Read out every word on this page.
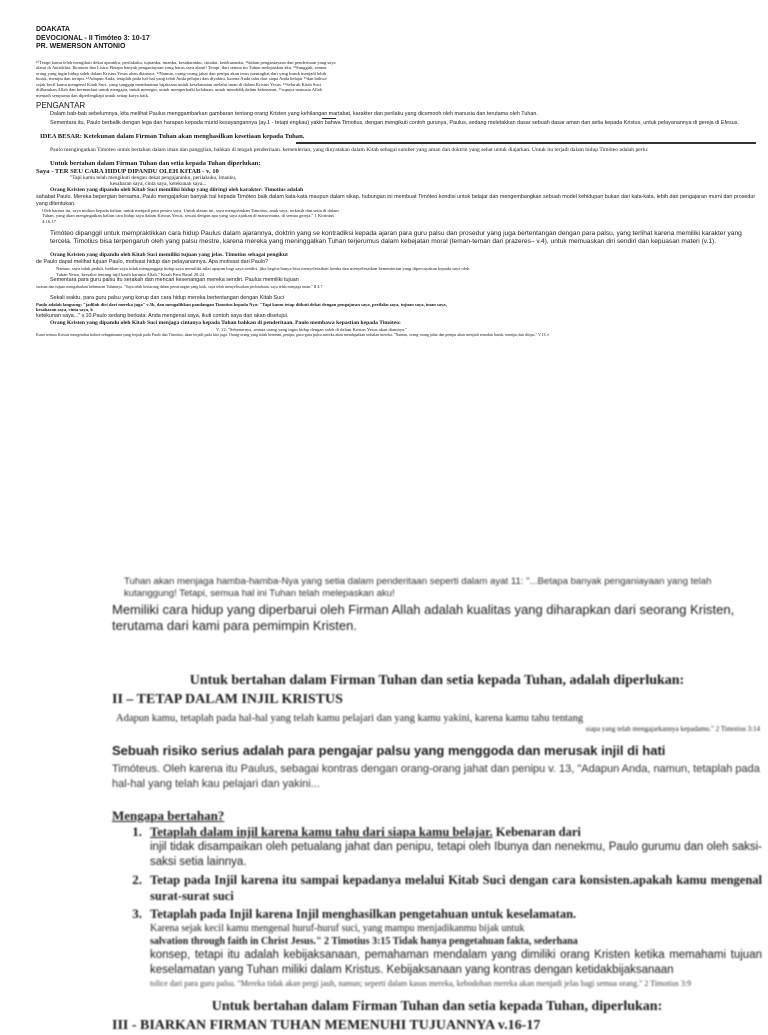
DOAKATA
DEVOCIONAL - II Timóteo 3: 10-17
PR. WEMERSON ANTONIO
¹⁰Tetapi kamu telah mengikuti dekat ajaranku, perilakuku, tujuanku, imanku, kesabaranku, cintaku, ketekunanku, ¹¹dalam penganiayaan dan penderitaan yang saya alami di Antiokhia, Ikonium dan Listra. Betapa banyak penganiayaan yang harus saya alami! Tetapi, dari semua itu Tuhan melepaskan aku. ¹²Sungguh, semua orang yang ingin hidup saleh dalam Kristus Yesus akan dianiaya. ¹³Namun, orang-orang jahat dan penipu akan terus meningkat dari yang buruk menjadi lebih buruk, menipu dan tertipu. ¹⁴Adapun Anda, tetaplah pada hal-hal yang telah Anda pelajari dan diyakini, karena Anda tahu dari siapa Anda belajar ¹⁵dan bahwa sejak kecil kamu mengenal Kitab Suci, yang sanggup membuatmu bijaksana untuk keselamatan melalui iman di dalam Kristus Yesus. ¹⁶Seluruh Kitab Suci diilhamkan Allah dan bermanfaat untuk mengajar, untuk menegur, untuk memperbaiki kelakuan, untuk mendidik dalam kebenaran, ¹⁷supaya manusia Allah menjadi sempurna dan diperlengkapi untuk setiap karya baik.
PENGANTAR
Dalam bab-bab sebelumnya, kita melihat Paulus menggambarkan gambaran tentang orang Kristen yang kehilangan martabat, karakter dan perilaku yang dicemooh oleh manusia dan terutama oleh Tuhan.
Sementara itu, Paulo berbalik dengan lega dan harapan kepada murid kesayangannya (ay.1 - tetapi engkau) yakin bahwa Timotius, dengan mengikuti contoh gurunya, Paulus, sedang meletakkan dasar sebuah dasar aman dan setia kepada Kristus, untuk pelayanannya di gereja di Efesus.
IDEA BESAR: Ketekunan dalam Firman Tuhan akan menghasilkan kesetiaan kepada Tuhan.
Paulo mengingatkan Timóteo untuk bertahan dalam iman dan panggilan, bahkan di tengah penderitaan. kemenlerian, yang dinyatakan dalam Kitab sebagai sumber yang aman dan doktrin yang sehat untuk diajarkan. Untuk itu terjadi dalam hidup Timóteo adalah perlu:
Untuk bertahan dalam Firman Tuhan dan setia kepada Tuhan diperlukan:
Saya - TER SEU CARA HIDUP DIPANDU OLEH KITAB - v. 10
"Tapi kamu telah mengikuti dengan dekat pengajaranku, perilakuku, imanku,
kesabaran saya, cinta saya, ketekunan saya...
Orang Kristen yang dipandu oleh Kitab Suci memiliki hidup yang diiringi oleh karakter: Timotius adalah
sahabat Paulo. Mereka bepergian bersama, Paulo mengajarkan banyak hal kepada Timóteo baik dalam kata-kata maupun dalam sikap. hubungan ini membuat Timóteo kondisi untuk belajar dan mengembangkan sebuah model kehidupan bukan dari kata-kata, lebih dari pengajaran murni dari prosedur yang ditentukan.
Oleh karena itu, saya mohon kepada kalian, untuk menjadi para peniru saya. Untuk alasan ini, saya mengirimkan Timotius, anak saya, terkasih dan setia di dalam Tuhan, yang akan mengingatkan kalian cara hidup saya dalam Kristus Yesus, sesuai dengan apa yang saya ajarkan di mana-mana, di semua gereja." 1 Korintus 4:16,17
Timóteo dipanggil untuk mempraktikkan cara hidup Paulus dalam ajarannya, doktrin yang se kontradiksi kepada ajaran para guru palsu dan prosedur yang juga bertentangan dengan para palsu, yang terlihat karena memiliki karakter yang tercela. Timotius bisa terpengaruh oleh yang palsu mestre, karena mereka yang meninggalkan Tuhan terjerumus dalam kebejatan moral (teman-teman dari prazeres– v.4), untuk memuaskan diri sendiri dan kepuasan materi (v.1).
Orang Kristen yang dipandu oleh Kitab Suci memiliki tujuan yang jelas. Timotius sebagai pengikut
de Paulo dapat melihat tujuan Paulo, motivasi hidup dan pelayanannya. Apa motivasi dari Paulo?
Namun, saya tidak peduli, bahkan saya tidak menganggap hidup saya memiliki nilai apapun bagi saya sendiri, jika begitu-hanya bisa menyelesaikan lomba dan menyelesaikan kementerian yang dipercayakan kepada saya oleh Tuhan Yesus, bersaksi tentang injil kasih karunia Allah." Kisah Para Rasul 20:24
Sementara para guru palsu itu serakah dan mencari kesenangan mereka sendiri. Paulus memiliki tujuan
swasan dan tujuan mengabarkan kebenaran Tuhannya. "Saya telah bertarung dalam pertarungan yang baik, saya telah menyelesaikan perlombaan, saya telah menjaga iman." II 4:7
Sekali waktu, para guru palsu yang korup dan cara hidup mereka bertentangan dengan Kitab Suci
Paulo adalah langsung: "jadilah diri dari mereka juga" v.5b, dan mengalihkan pandangan Timotius kepada Nya: "Tapi kamu tetap diikuti dekat dengan pengajaran saya, perilaku saya, tujuan saya, iman saya, kesabaran saya, cinta saya, k
ketekunan saya..." v.10.Paulo sedang berkata: Anda mengenal saya, ikuti contoh saya dan akan disetujui.
Orang Kristen yang dipandu oleh Kitab Suci menjaga cintanya kepada Tuhan bahkan di penderitaan. Paulo membawa kepastian kepada Timóteo:
V. 12: "Sebenarnya, semua orang yang ingin hidup dengan saleh di dalam Kristus Yesus akan dianiaya."
Kami tentara Kristus mengetahui bahwa sebagaimana yang terjadi pada Paulo dan Timotius, akan terjadi pada kita juga. Orang-orang yang tidak beriman, penipu, guru-guru palsu mereka akan mendapatkan imbalan mereka. "Namun, orang-orang jahat dan penipu akan menjadi semakin buruk, menipu dan ditipu." V.13, e
Tuhan akan menjaga hamba-hamba-Nya yang setia dalam penderitaan seperti dalam ayat 11: "...Betapa banyak penganiayaan yang telah kutanggung! Tetapi, semua hal ini Tuhan telah melepaskan aku!
Memiliki cara hidup yang diperbarui oleh Firman Allah adalah kualitas yang diharapkan dari seorang Kristen, terutama dari kami para pemimpin Kristen.
Untuk bertahan dalam Firman Tuhan dan setia kepada Tuhan, adalah diperlukan:
II – TETAP DALAM INJIL KRISTUS
Adapun kamu, tetaplah pada hal-hal yang telah kamu pelajari dan yang kamu yakini, karena kamu tahu tentang
siapa yang telah mengajarkannya kepadamu." 2 Timotius 3:14
Sebuah risiko serius adalah para pengajar palsu yang menggoda dan merusak injil di hati
Timóteus. Oleh karena itu Paulus, sebagai kontras dengan orang-orang jahat dan penipu v. 13, "Adapun Anda, namun, tetaplah pada hal-hal yang telah kau pelajari dan yakini...
Mengapa bertahan?
1. Tetaplah dalam injil karena kamu tahu dari siapa kamu belajar. Kebenaran dari
injil tidak disampaikan oleh petualang jahat dan penipu, tetapi oleh Ibunya dan nenekmu, Paulo gurumu dan oleh saksi-saksi setia lainnya.
2. Tetap pada Injil karena itu sampai kepadanya melalui Kitab Suci dengan cara konsisten.apakah kamu mengenal surat-surat suci
3. Tetaplah pada Injil karena Injil menghasilkan pengetahuan untuk keselamatan.
Karena sejak kecil kamu mengenal huruf-huruf suci, yang mampu menjadikanmu bijak untuk
salvation through faith in Christ Jesus." 2 Timotius 3:15 Tidak hanya pengetahuan fakta, sederhana
konsep, tetapi itu adalah kebijaksanaan, pemahaman mendalam yang dimiliki orang Kristen ketika memahami tujuan keselamatan yang Tuhan miliki dalam Kristus. Kebijaksanaan yang kontras dengan ketidakbijaksanaan
tolice dari para guru palsu. "Mereka tidak akan pergi jauh, namun; seperti dalam kasus mereka, kebodohan mereka akan menjadi jelas bagi semua orang." 2 Timotius 3:9
Untuk bertahan dalam Firman Tuhan dan setia kepada Tuhan, diperlukan:
III - BIARKAN FIRMAN TUHAN MEMENUHI TUJUANNYA v.16-17
